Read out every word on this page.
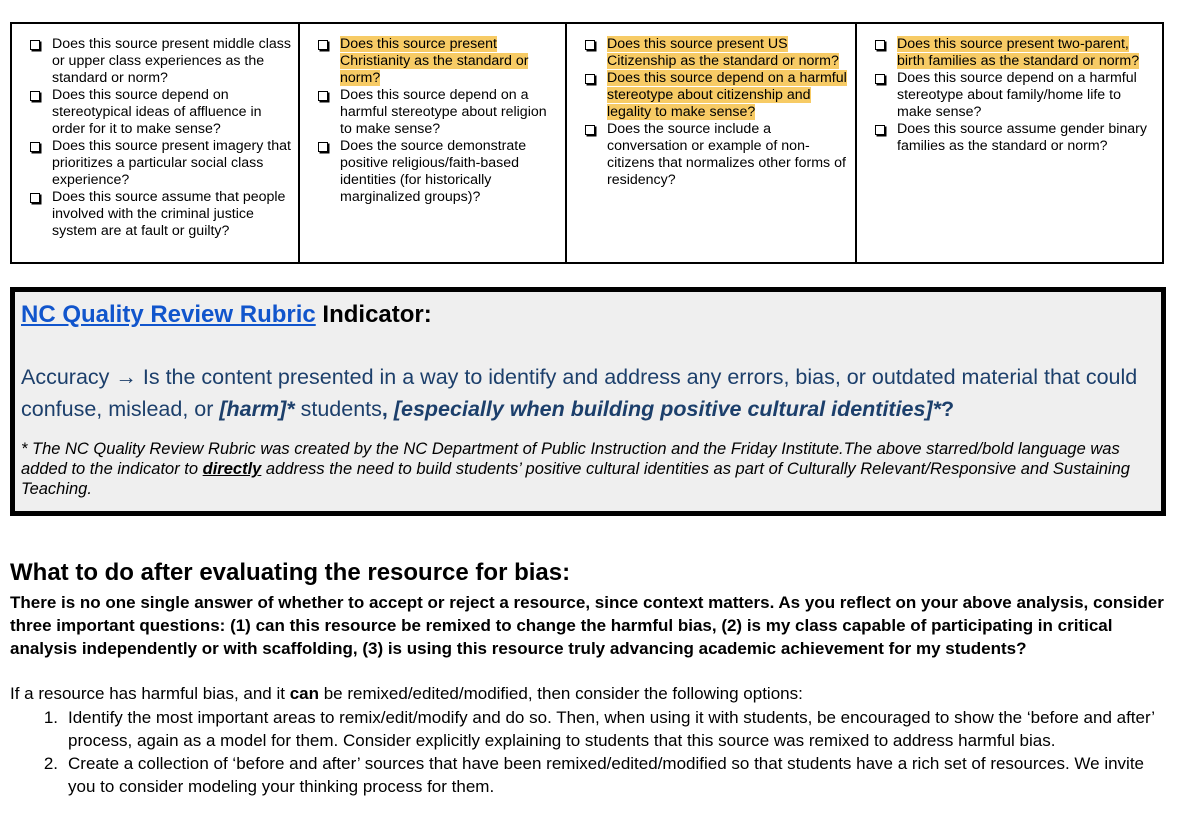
Does this source present middle class or upper class experiences as the standard or norm?
Does this source depend on stereotypical ideas of affluence in order for it to make sense?
Does this source present imagery that prioritizes a particular social class experience?
Does this source assume that people involved with the criminal justice system are at fault or guilty?
Does this source present Christianity as the standard or norm?
Does this source depend on a harmful stereotype about religion to make sense?
Does the source demonstrate positive religious/faith-based identities (for historically marginalized groups)?
Does this source present US Citizenship as the standard or norm?
Does this source depend on a harmful stereotype about citizenship and legality to make sense?
Does the source include a conversation or example of non-citizens that normalizes other forms of residency?
Does this source present two-parent, birth families as the standard or norm?
Does this source depend on a harmful stereotype about family/home life to make sense?
Does this source assume gender binary families as the standard or norm?

NC Quality Review Rubric Indicator:

Accuracy → Is the content presented in a way to identify and address any errors, bias, or outdated material that could confuse, mislead, or [harm]* students, [especially when building positive cultural identities]*?
* The NC Quality Review Rubric was created by the NC Department of Public Instruction and the Friday Institute.The above starred/bold language was added to the indicator to directly address the need to build students’ positive cultural identities as part of Culturally Relevant/Responsive and Sustaining Teaching.
What to do after evaluating the resource for bias:

There is no one single answer of whether to accept or reject a resource, since context matters. As you reflect on your above analysis, consider three important questions: (1) can this resource be remixed to change the harmful bias, (2) is my class capable of participating in critical analysis independently or with scaffolding, (3) is using this resource truly advancing academic achievement for my students?

If a resource has harmful bias, and it can be remixed/edited/modified, then consider the following options:

1. Identify the most important areas to remix/edit/modify and do so. Then, when using it with students, be encouraged to show the ‘before and after’ process, again as a model for them. Consider explicitly explaining to students that this source was remixed to address harmful bias.
2. Create a collection of ‘before and after’ sources that have been remixed/edited/modified so that students have a rich set of resources. We invite you to consider modeling your thinking process for them.
